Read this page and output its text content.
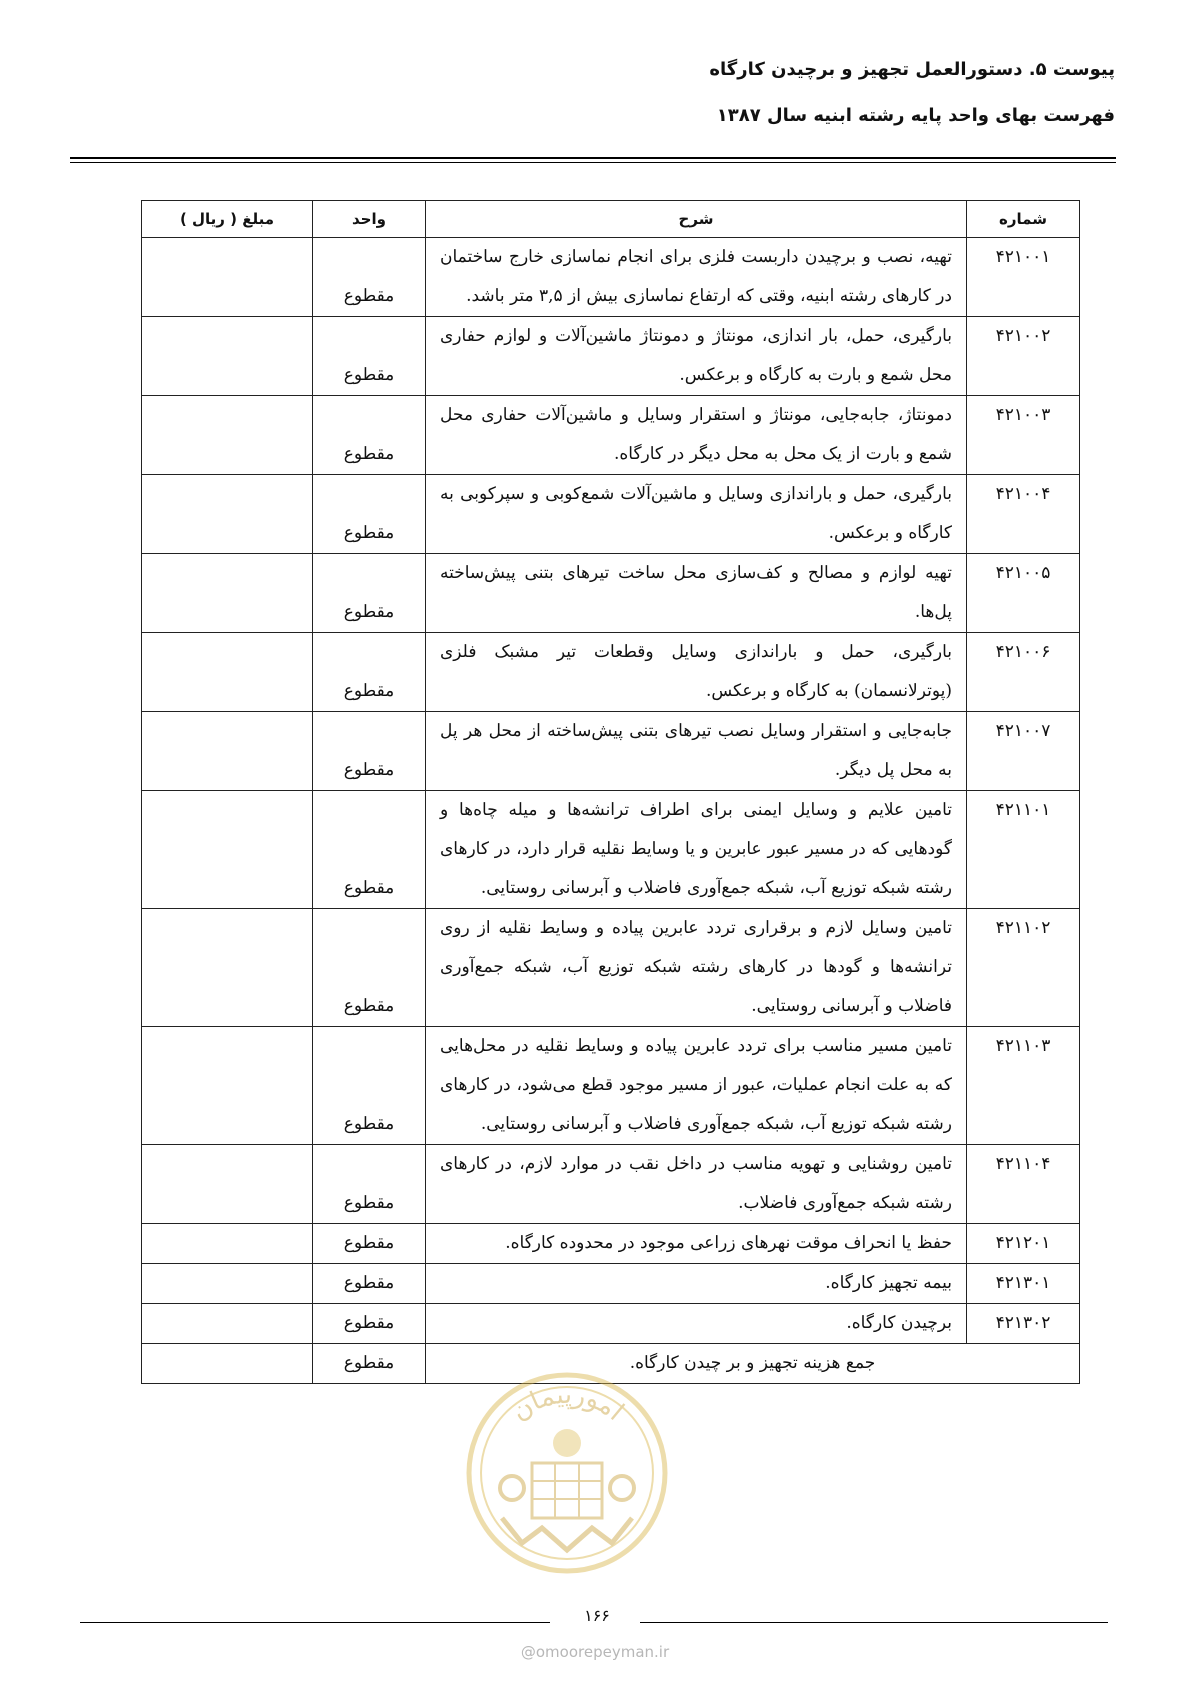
پیوست ۵. دستورالعمل تجهیز و برچیدن کارگاه
فهرست بهای واحد پایه رشته ابنیه سال ۱۳۸۷
شماره	شرح	واحد	مبلغ ( ریال )
۴۲۱۰۰۱	تهیه، نصب و برچیدن داربست فلزی برای انجام نماسازی خارج ساختمان در کارهای رشته ابنیه، وقتی که ارتفاع نماسازی بیش از ۳,۵ متر باشد.	مقطوع	
۴۲۱۰۰۲	بارگیری، حمل، بار اندازی، مونتاژ و دمونتاژ ماشین‌آلات و لوازم حفاری محل شمع و بارت به کارگاه و برعکس.	مقطوع	
۴۲۱۰۰۳	دمونتاژ، جابه‌جایی، مونتاژ و استقرار وسایل و ماشین‌آلات حفاری محل شمع و بارت از یک محل به محل دیگر در کارگاه.	مقطوع	
۴۲۱۰۰۴	بارگیری، حمل و باراندازی وسایل و ماشین‌آلات شمع‌کوبی و سپرکوبی به کارگاه و برعکس.	مقطوع	
۴۲۱۰۰۵	تهیه لوازم و مصالح و کف‌سازی محل ساخت تیرهای بتنی پیش‌ساخته پل‌ها.	مقطوع	
۴۲۱۰۰۶	بارگیری، حمل و باراندازی وسایل وقطعات تیر مشبک فلزی (پوترلانسمان) به کارگاه و برعکس.	مقطوع	
۴۲۱۰۰۷	جابه‌جایی و استقرار وسایل نصب تیرهای بتنی پیش‌ساخته از محل هر پل به محل پل دیگر.	مقطوع	
۴۲۱۱۰۱	تامین علایم و وسایل ایمنی برای اطراف ترانشه‌ها و میله چاه‌ها و گودهایی که در مسیر عبور عابرین و یا وسایط نقلیه قرار دارد، در کارهای رشته شبکه توزیع آب، شبکه جمع‌آوری فاضلاب و آبرسانی روستایی.	مقطوع	
۴۲۱۱۰۲	تامین وسایل لازم و برقراری تردد عابرین پیاده و وسایط نقلیه از روی ترانشه‌ها و گودها در کارهای رشته شبکه توزیع آب، شبکه جمع‌آوری فاضلاب و آبرسانی روستایی.	مقطوع	
۴۲۱۱۰۳	تامین مسیر مناسب برای تردد عابرین پیاده و وسایط نقلیه در محل‌هایی که به علت انجام عملیات، عبور از مسیر موجود قطع می‌شود، در کارهای رشته شبکه توزیع آب، شبکه جمع‌آوری فاضلاب و آبرسانی روستایی.	مقطوع	
۴۲۱۱۰۴	تامین روشنایی و تهویه مناسب در داخل نقب در موارد لازم، در کارهای رشته شبکه جمع‌آوری فاضلاب.	مقطوع	
۴۲۱۲۰۱	حفظ یا انحراف موقت نهرهای زراعی موجود در محدوده کارگاه.	مقطوع	
۴۲۱۳۰۱	بیمه تجهیز کارگاه.	مقطوع	
۴۲۱۳۰۲	برچیدن کارگاه.	مقطوع	

جمع هزینه تجهیز و بر چیدن کارگاه.		مقطوع	
امورپیمان
۱۶۶
@omoorepeyman.ir
